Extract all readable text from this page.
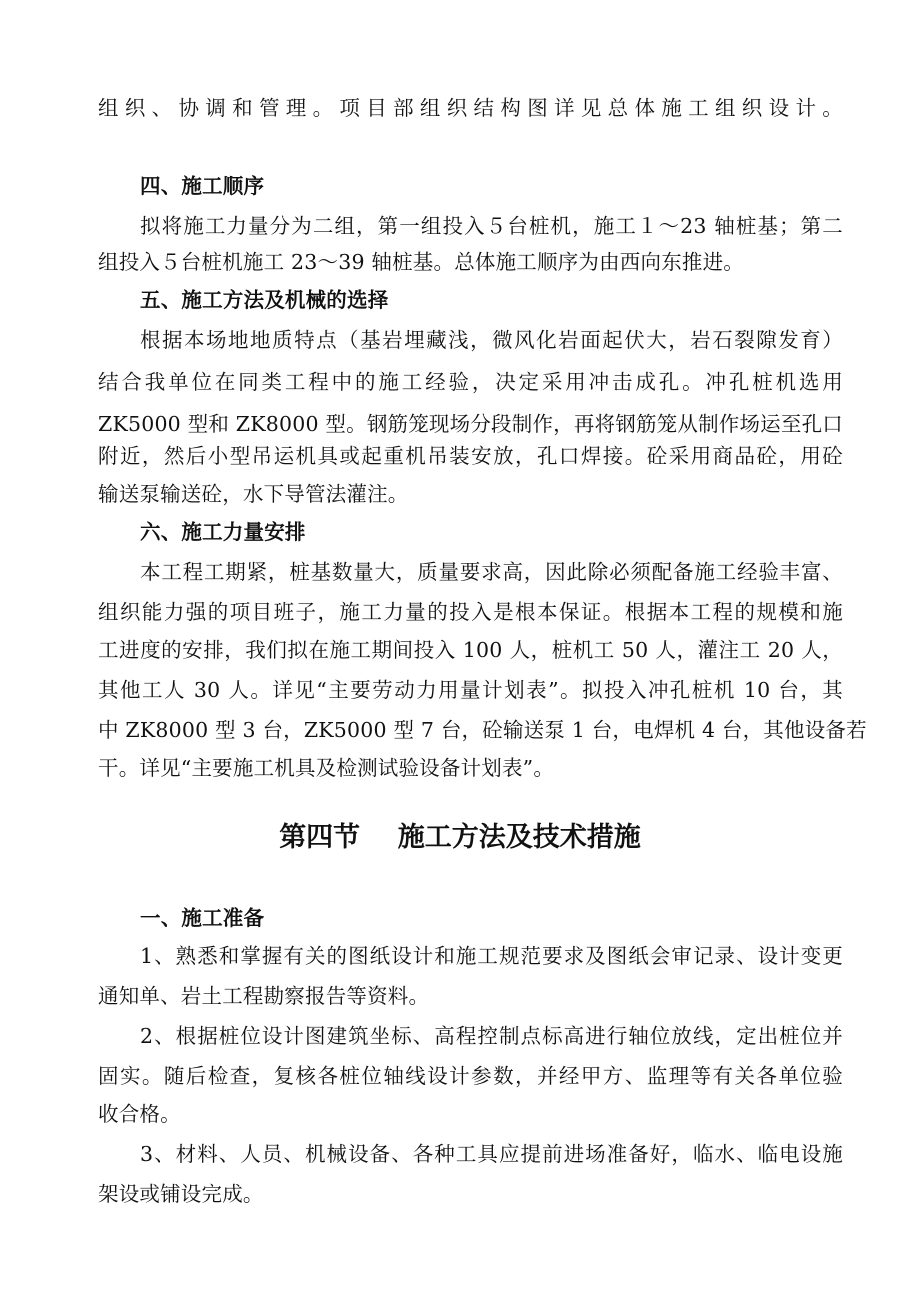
组织、协调和管理。项目部组织结构图详见总体施工组织设计。

四、施工顺序

拟将施工力量分为二组，第一组投入５台桩机，施工１～23 轴桩基；第二

组投入５台桩机施工 23～39 轴桩基。总体施工顺序为由西向东推进。

五、施工方法及机械的选择

根据本场地地质特点（基岩埋藏浅，微风化岩面起伏大，岩石裂隙发育）

结合我单位在同类工程中的施工经验，决定采用冲击成孔。冲孔桩机选用

ZK5000 型和 ZK8000 型。钢筋笼现场分段制作，再将钢筋笼从制作场运至孔口

附近，然后小型吊运机具或起重机吊装安放，孔口焊接。砼采用商品砼，用砼

输送泵输送砼，水下导管法灌注。

六、施工力量安排

本工程工期紧，桩基数量大，质量要求高，因此除必须配备施工经验丰富、

组织能力强的项目班子，施工力量的投入是根本保证。根据本工程的规模和施

工进度的安排，我们拟在施工期间投入 100 人，桩机工 50 人，灌注工 20 人，

其他工人 30 人。详见“主要劳动力用量计划表”。拟投入冲孔桩机 10 台，其

中 ZK8000 型 3 台，ZK5000 型 7 台，砼输送泵 1 台，电焊机 4 台，其他设备若

干。详见“主要施工机具及检测试验设备计划表”。

第四节    施工方法及技术措施

一、施工准备

1、熟悉和掌握有关的图纸设计和施工规范要求及图纸会审记录、设计变更

通知单、岩土工程勘察报告等资料。

2、根据桩位设计图建筑坐标、高程控制点标高进行轴位放线，定出桩位并

固实。随后检查，复核各桩位轴线设计参数，并经甲方、监理等有关各单位验

收合格。

3、材料、人员、机械设备、各种工具应提前进场准备好，临水、临电设施

架设或铺设完成。
